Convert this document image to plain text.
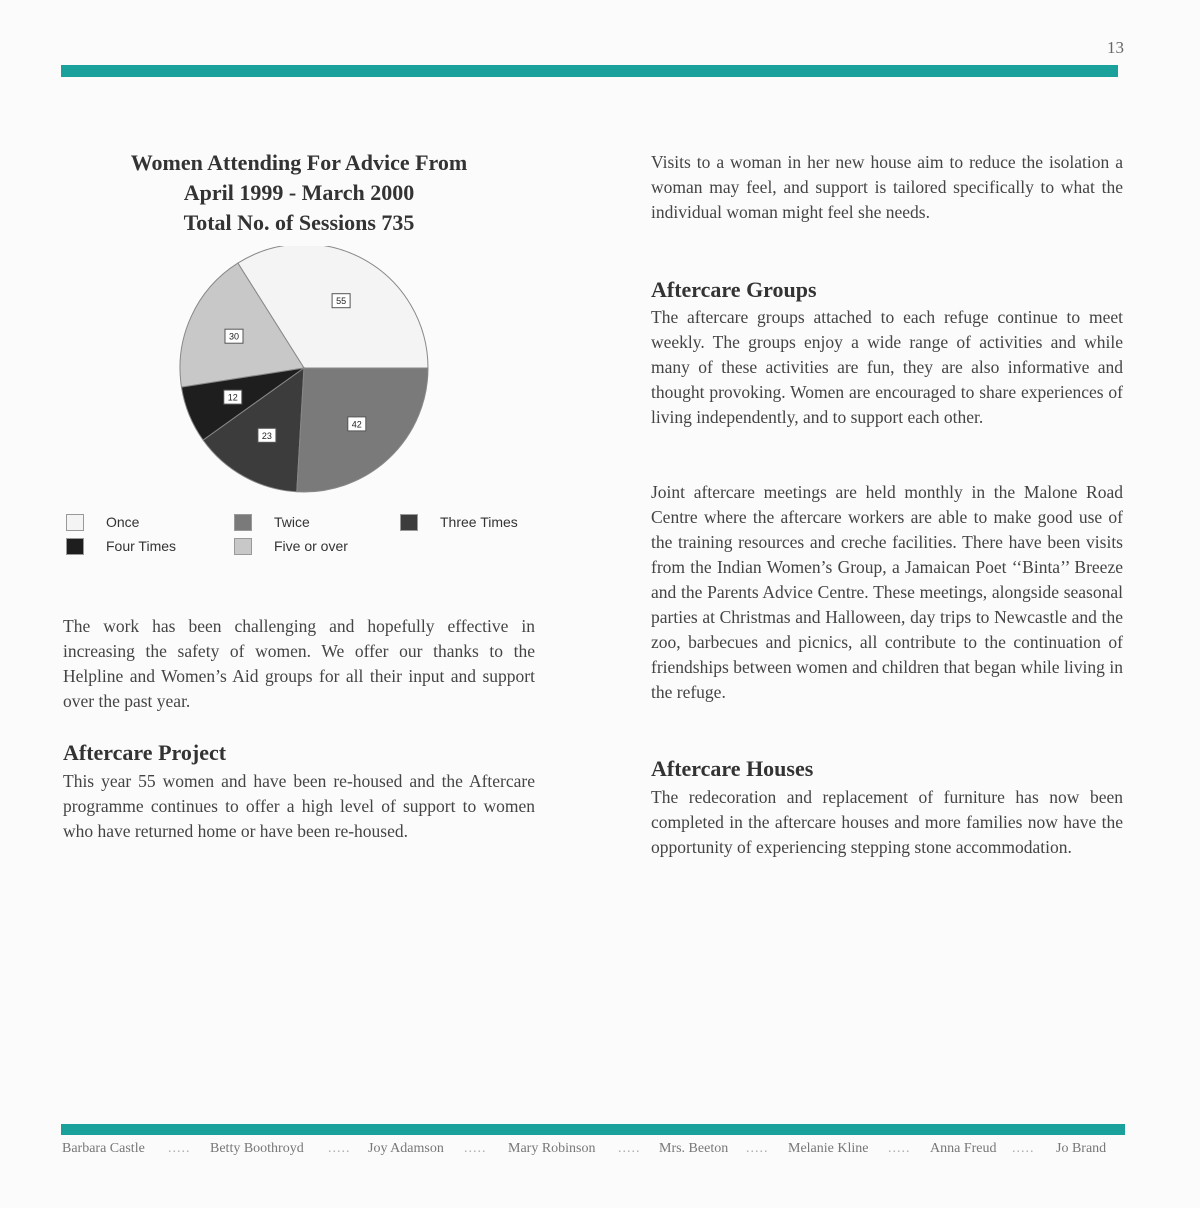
13
Women Attending For Advice From
April 1999 - March 2000
Total No. of Sessions 735
55
30
12
23
42
Once	Twice	Three Times
Four Times	Five or over

The work has been challenging and hopefully effective in increasing the safety of women. We offer our thanks to the Helpline and Women’s Aid groups for all their input and support over the past year.

Aftercare Project

This year 55 women and have been re-housed and the Aftercare programme continues to offer a high level of support to women who have returned home or have been re-housed.

Visits to a woman in her new house aim to reduce the isolation a woman may feel, and support is tailored specifically to what the individual woman might feel she needs.

Aftercare Groups

The aftercare groups attached to each refuge continue to meet weekly. The groups enjoy a wide range of activities and while many of these activities are fun, they are also informative and thought provoking. Women are encouraged to share experiences of living independently, and to support each other.

Joint aftercare meetings are held monthly in the Malone Road Centre where the aftercare workers are able to make good use of the training resources and creche facilities. There have been visits from the Indian Women’s Group, a Jamaican Poet ‘‘Binta’’ Breeze and the Parents Advice Centre. These meetings, alongside seasonal parties at Christmas and Halloween, day trips to Newcastle and the zoo, barbecues and picnics, all contribute to the continuation of friendships between women and children that began while living in the refuge.

Aftercare Houses

The redecoration and replacement of furniture has now been completed in the aftercare houses and more families now have the opportunity of experiencing stepping stone accommodation.

Barbara Castle ..... Betty Boothroyd ..... Joy Adamson ..... Mary Robinson ..... Mrs. Beeton ..... Melanie Kline ..... Anna Freud ..... Jo Brand
